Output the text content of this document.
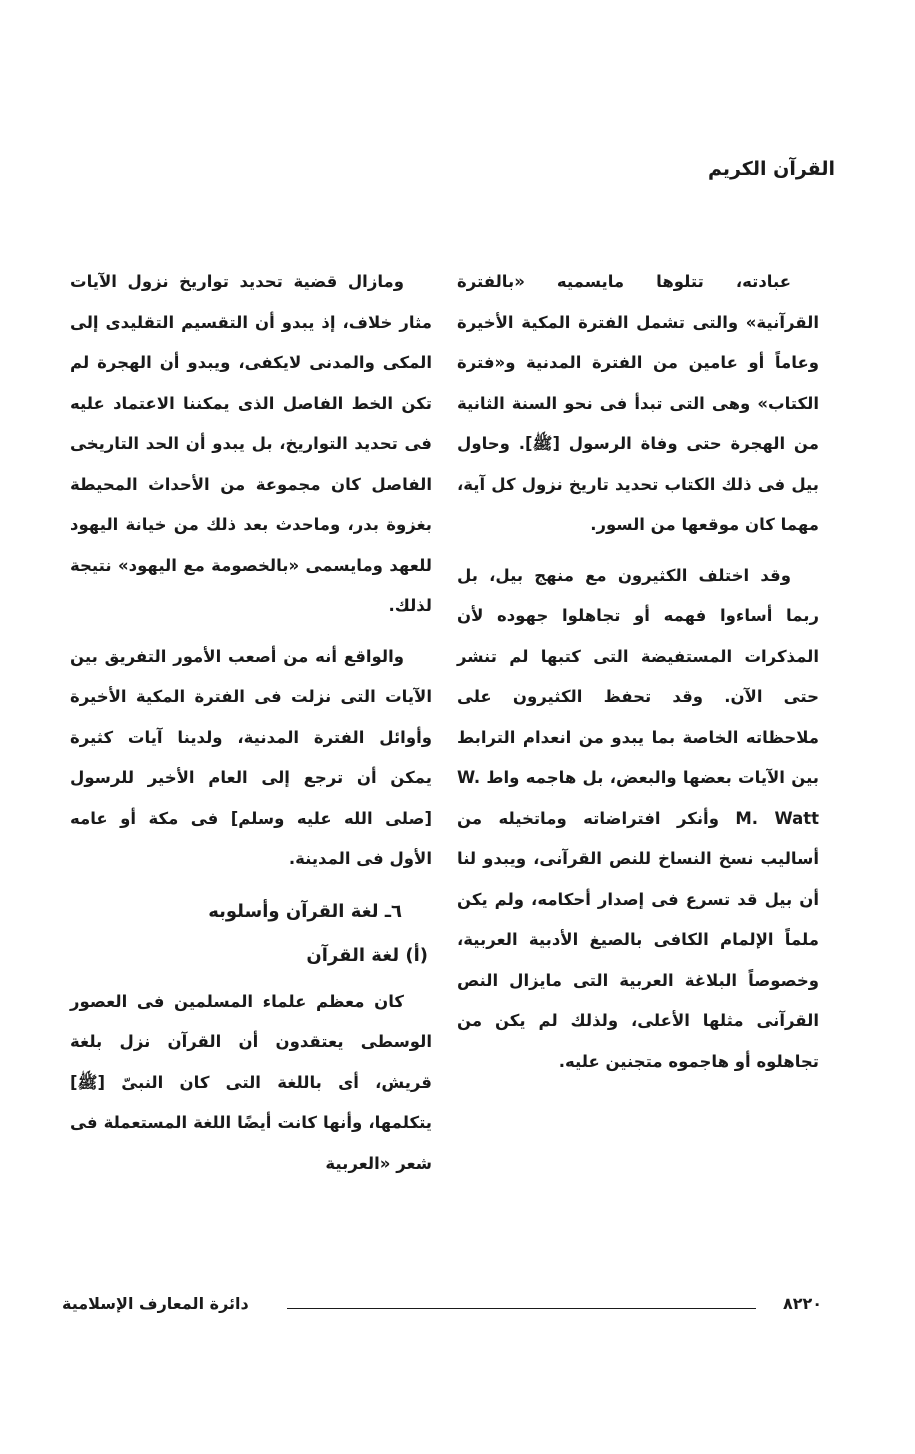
القرآن الكريم

عبادته، تتلوها مايسميه «بالفترة القرآنية» والتى تشمل الفترة المكية الأخيرة وعاماً أو عامين من الفترة المدنية و«فترة الكتاب» وهى التى تبدأ فى نحو السنة الثانية من الهجرة حتى وفاة الرسول [ﷺ]. وحاول بيل فى ذلك الكتاب تحديد تاريخ نزول كل آية، مهما كان موقعها من السور.

وقد اختلف الكثيرون مع منهج بيل، بل ربما أساءوا فهمه أو تجاهلوا جهوده لأن المذكرات المستفيضة التى كتبها لم تنشر حتى الآن. وقد تحفظ الكثيرون على ملاحظاته الخاصة بما يبدو من انعدام الترابط بين الآيات بعضها والبعض، بل هاجمه واط W. M. Watt وأنكر افتراضاته وماتخيله من أساليب نسخ النساخ للنص القرآنى، ويبدو لنا أن بيل قد تسرع فى إصدار أحكامه، ولم يكن ملماً الإلمام الكافى بالصيغ الأدبية العربية، وخصوصاً البلاغة العربية التى مايزال النص القرآنى مثلها الأعلى، ولذلك لم يكن من تجاهلوه أو هاجموه متجنين عليه.

ومازال قضية تحديد تواريخ نزول الآيات مثار خلاف، إذ يبدو أن التقسيم التقليدى إلى المكى والمدنى لايكفى، ويبدو أن الهجرة لم تكن الخط الفاصل الذى يمكننا الاعتماد عليه فى تحديد التواريخ، بل يبدو أن الحد التاريخى الفاصل كان مجموعة من الأحداث المحيطة بغزوة بدر، وماحدث بعد ذلك من خيانة اليهود للعهد ومايسمى «بالخصومة مع اليهود» نتيجة لذلك.

والواقع أنه من أصعب الأمور التفريق بين الآيات التى نزلت فى الفترة المكية الأخيرة وأوائل الفترة المدنية، ولدينا آيات كثيرة يمكن أن ترجع إلى العام الأخير للرسول [صلى الله عليه وسلم] فى مكة أو عامه الأول فى المدينة.

٦ـ لغة القرآن وأسلوبه
(أ) لغة القرآن

كان معظم علماء المسلمين فى العصور الوسطى يعتقدون أن القرآن نزل بلغة قريش، أى باللغة التى كان النبىّ [ﷺ] يتكلمها، وأنها كانت أيضًا اللغة المستعملة فى شعر «العربية

دائرة المعارف الإسلامية	٨٢٢٠
